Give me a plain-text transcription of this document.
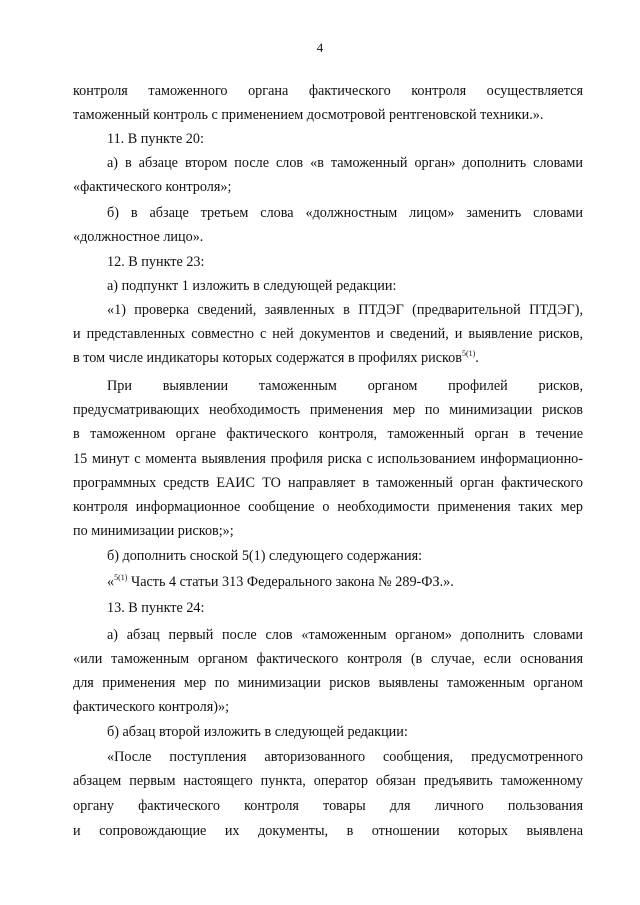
4
контроля таможенного органа фактического контроля осуществляется
таможенный контроль с применением досмотровой рентгеновской техники.».
11. В пункте 20:
а) в абзаце втором после слов «в таможенный орган» дополнить словами
«фактического контроля»;
б) в абзаце третьем слова «должностным лицом» заменить словами
«должностное лицо».
12. В пункте 23:
а) подпункт 1 изложить в следующей редакции:
«1) проверка сведений, заявленных в ПТДЭГ (предварительной ПТДЭГ),
и представленных совместно с ней документов и сведений, и выявление рисков,
в том числе индикаторы которых содержатся в профилях рисков$^{5(1)}$.
При выявлении таможенным органом профилей рисков,
предусматривающих необходимость применения мер по минимизации рисков
в таможенном органе фактического контроля, таможенный орган в течение
15 минут с момента выявления профиля риска с использованием информационно-
программных средств ЕАИС ТО направляет в таможенный орган фактического
контроля информационное сообщение о необходимости применения таких мер
по минимизации рисков;»;
б) дополнить сноской 5(1) следующего содержания:
«$^{5(1)}$ Часть 4 статьи 313 Федерального закона № 289-ФЗ.».
13. В пункте 24:
а) абзац первый после слов «таможенным органом» дополнить словами
«или таможенным органом фактического контроля (в случае, если основания
для применения мер по минимизации рисков выявлены таможенным органом
фактического контроля)»;
б) абзац второй изложить в следующей редакции:
«После поступления авторизованного сообщения, предусмотренного
абзацем первым настоящего пункта, оператор обязан предъявить таможенному
органу фактического контроля товары для личного пользования
и сопровождающие их документы, в отношении которых выявлена
